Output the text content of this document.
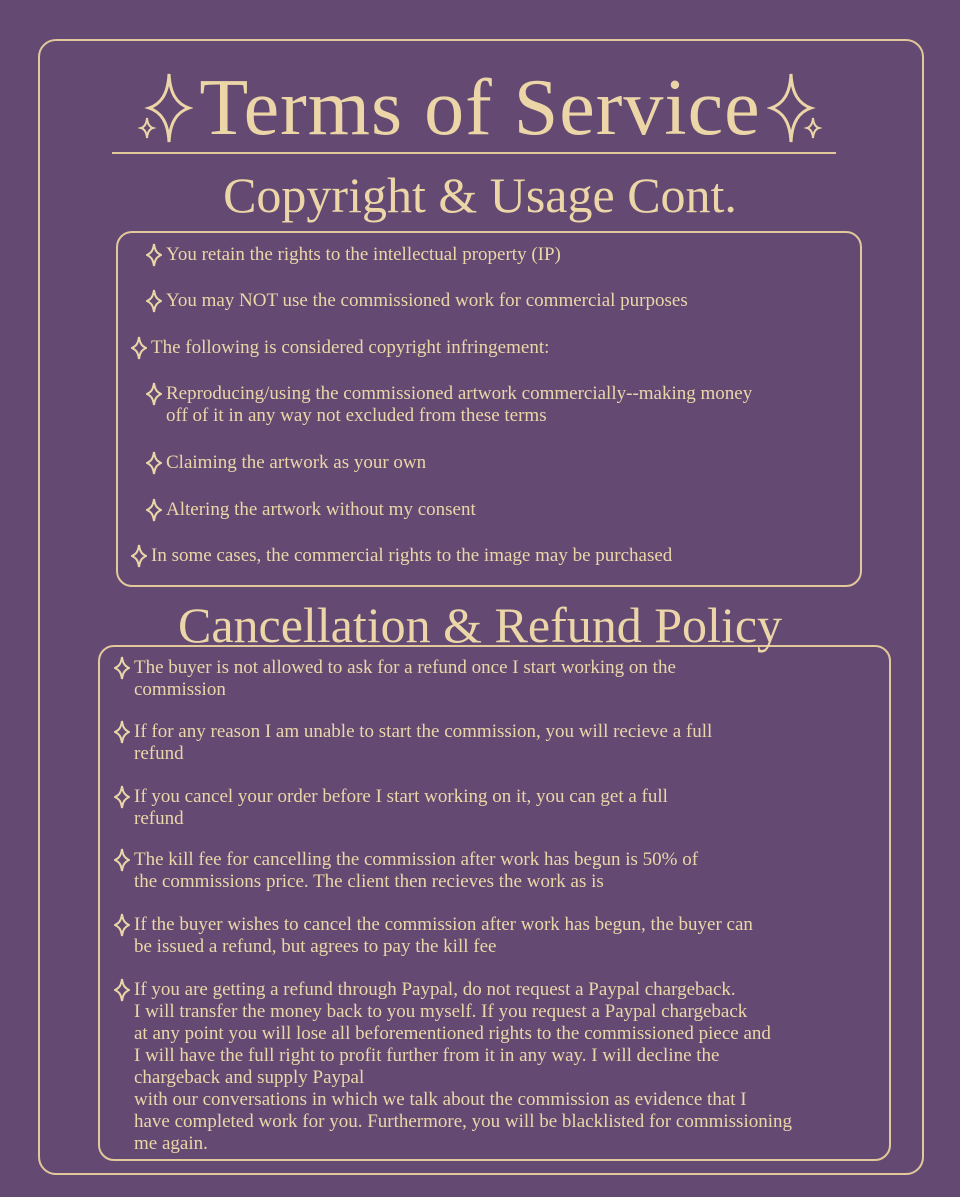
Terms of Service
Copyright & Usage Cont.
You retain the rights to the intellectual property (IP)
You may NOT use the commissioned work for commercial purposes
The following is considered copyright infringement:
Reproducing/using the commissioned artwork commercially--making money
off of it in any way not excluded from these terms
Claiming the artwork as your own
Altering the artwork without my consent
In some cases, the commercial rights to the image may be purchased
Cancellation & Refund Policy
The buyer is not allowed to ask for a refund once I start working on the
commission
If for any reason I am unable to start the commission, you will recieve a full
refund
If you cancel your order before I start working on it, you can get a full
refund
The kill fee for cancelling the commission after work has begun is 50% of
the commissions price. The client then recieves the work as is
If the buyer wishes to cancel the commission after work has begun, the buyer can
be issued a refund, but agrees to pay the kill fee
If you are getting a refund through Paypal, do not request a Paypal chargeback.
I will transfer the money back to you myself. If you request a Paypal chargeback
at any point you will lose all beforementioned rights to the commissioned piece and
I will have the full right to profit further from it in any way. I will decline the
chargeback and supply Paypal
with our conversations in which we talk about the commission as evidence that I
have completed work for you. Furthermore, you will be blacklisted for commissioning
me again.
